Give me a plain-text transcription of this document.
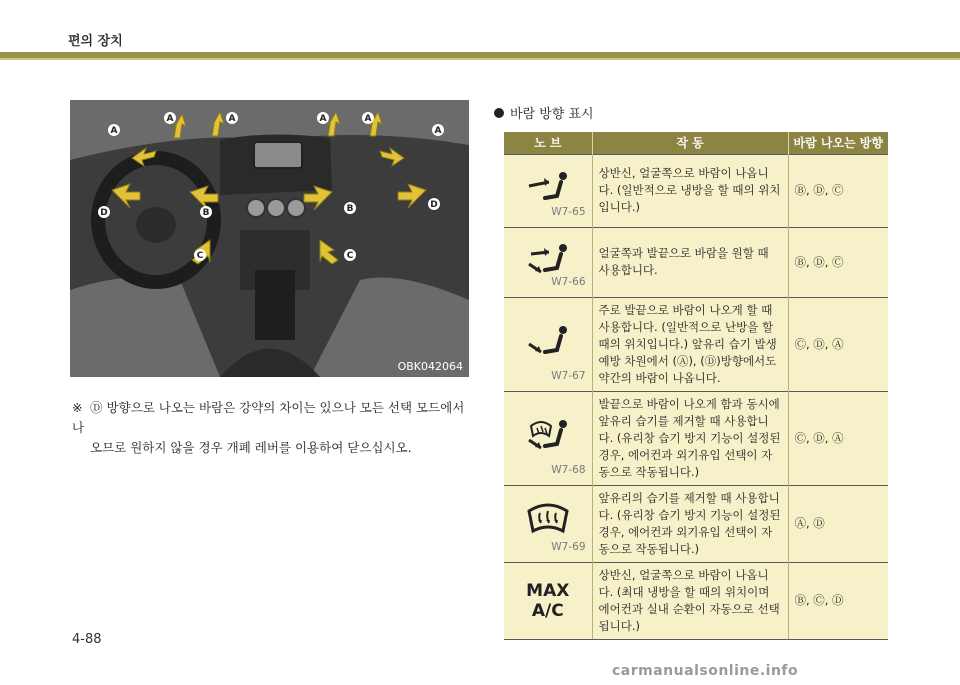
편의 장치
A
A	A	A	A
A
D	B	B	D
C	C
OBK042064
※ Ⓓ 방향으로 나오는 바람은 강약의 차이는 있으나 모든 선택 모드에서 나
오므로 원하지 않을 경우 개폐 레버를 이용하여 닫으십시오.
바람 방향 표시
노 브	작 동	바람 나오는 방향

W7-65	상반신, 얼굴쪽으로 바람이 나옵니다. (일반적으로 냉방을 할 때의 위치입니다.)	Ⓑ, Ⓓ, Ⓒ

W7-66	얼굴쪽과 발끝으로 바람을 원할 때 사용합니다.	Ⓑ, Ⓓ, Ⓒ

W7-67	주로 발끝으로 바람이 나오게 할 때 사용합니다. (일반적으로 난방을 할 때의 위치입니다.) 앞유리 습기 발생 예방 차원에서 (Ⓐ), (Ⓓ)방향에서도 약간의 바람이 나옵니다.	Ⓒ, Ⓓ, Ⓐ

W7-68	발끝으로 바람이 나오게 함과 동시에 앞유리 습기를 제거할 때 사용합니다. (유리창 습기 방지 기능이 설정된 경우, 에어컨과 외기유입 선택이 자동으로 작동됩니다.)	Ⓒ, Ⓓ, Ⓐ

W7-69	앞유리의 습기를 제거할 때 사용합니다. (유리창 습기 방지 기능이 설정된 경우, 에어컨과 외기유입 선택이 자동으로 작동됩니다.)	Ⓐ, Ⓓ

MAX
A/C	상반신, 얼굴쪽으로 바람이 나옵니다. (최대 냉방을 할 때의 위치이며 에어컨과 실내 순환이 자동으로 선택됩니다.)	Ⓑ, Ⓒ, Ⓓ
4-88
carmanualsonline.info
